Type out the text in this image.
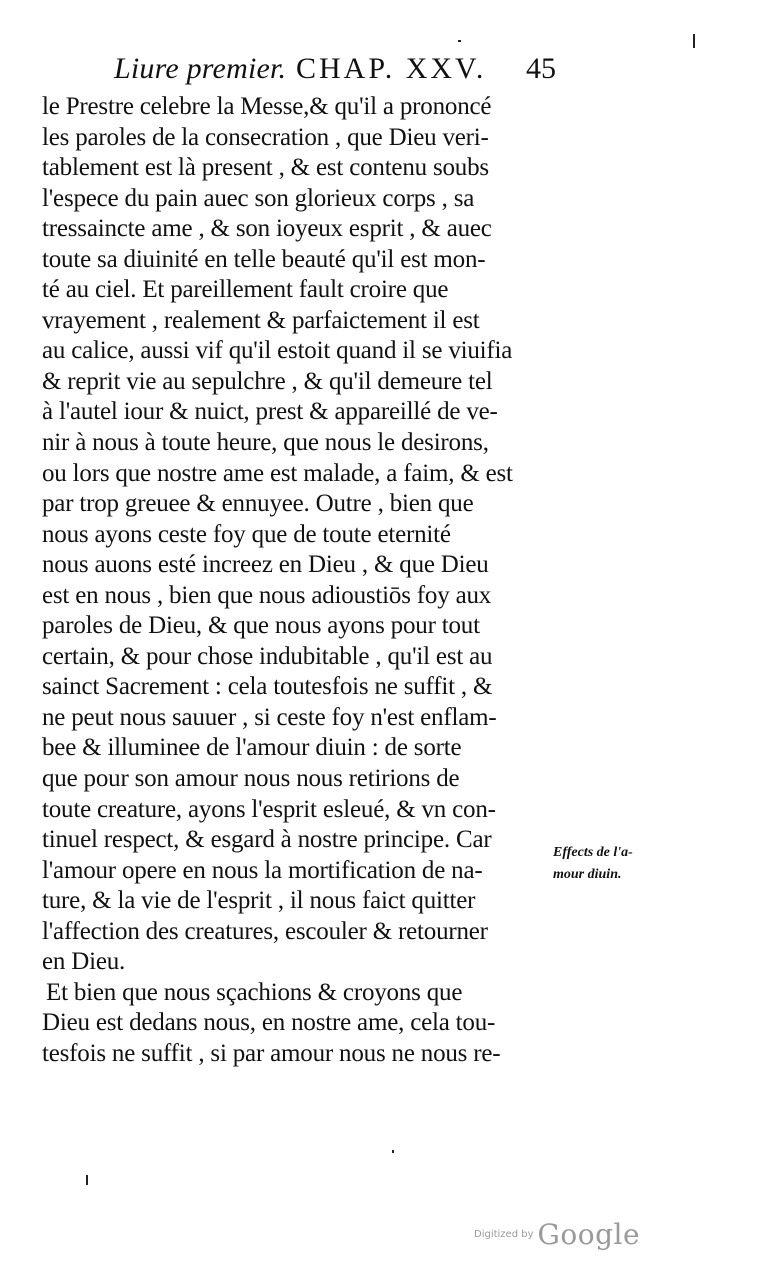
Liure premier. CHAP. XXV. 45
le Prestre celebre la Messe,& qu'il a prononcé
les paroles de la consecration , que Dieu veri-
tablement est là present , & est contenu soubs
l'espece du pain auec son glorieux corps , sa
tressaincte ame , & son ioyeux esprit , & auec
toute sa diuinité en telle beauté qu'il est mon-
té au ciel. Et pareillement fault croire que
vrayement , realement & parfaictement il est
au calice, aussi vif qu'il estoit quand il se viuifia
& reprit vie au sepulchre , & qu'il demeure tel
à l'autel iour & nuict, prest & appareillé de ve-
nir à nous à toute heure, que nous le desirons,
ou lors que nostre ame est malade, a faim, & est
par trop greuee & ennuyee. Outre , bien que
nous ayons ceste foy que de toute eternité
nous auons esté increez en Dieu , & que Dieu
est en nous , bien que nous adioustiōs foy aux
paroles de Dieu, & que nous ayons pour tout
certain, & pour chose indubitable , qu'il est au
sainct Sacrement : cela toutesfois ne suffit , &
ne peut nous sauuer , si ceste foy n'est enflam-
bee & illuminee de l'amour diuin : de sorte
que pour son amour nous nous retirions de
toute creature, ayons l'esprit esleué, & vn con-
tinuel respect, & esgard à nostre principe. Car
l'amour opere en nous la mortification de na-
ture, & la vie de l'esprit , il nous faict quitter
l'affection des creatures, escouler & retourner
en Dieu.
Et bien que nous sçachions & croyons que
Dieu est dedans nous, en nostre ame, cela tou-
tesfois ne suffit , si par amour nous ne nous re-
Effects de l'a-
mour diuin.
Digitized by Google
